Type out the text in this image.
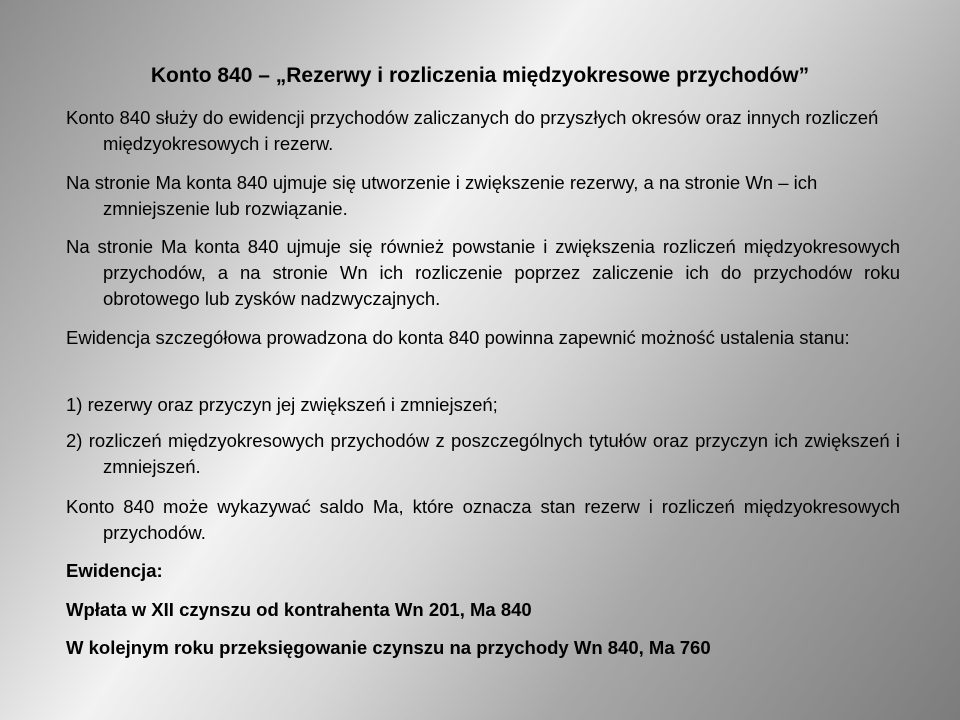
Konto 840 – „Rezerwy i rozliczenia międzyokresowe przychodów”

Konto 840 służy do ewidencji przychodów zaliczanych do przyszłych okresów oraz innych rozliczeń międzyokresowych i rezerw.

Na stronie Ma konta 840 ujmuje się utworzenie i zwiększenie rezerwy, a na stronie Wn – ich zmniejszenie lub rozwiązanie.

Na stronie Ma konta 840 ujmuje się również powstanie i zwiększenia rozliczeń międzyokresowych przychodów, a na stronie Wn ich rozliczenie poprzez zaliczenie ich do przychodów roku obrotowego lub zysków nadzwyczajnych.

Ewidencja szczegółowa prowadzona do konta 840 powinna zapewnić możność ustalenia stanu:

1) rezerwy oraz przyczyn jej zwiększeń i zmniejszeń;

2) rozliczeń międzyokresowych przychodów z poszczególnych tytułów oraz przyczyn ich zwiększeń i zmniejszeń.

Konto 840 może wykazywać saldo Ma, które oznacza stan rezerw i rozliczeń międzyokresowych przychodów.

Ewidencja:

Wpłata w XII czynszu od kontrahenta Wn 201, Ma 840

W kolejnym roku przeksięgowanie czynszu na przychody Wn 840, Ma 760
